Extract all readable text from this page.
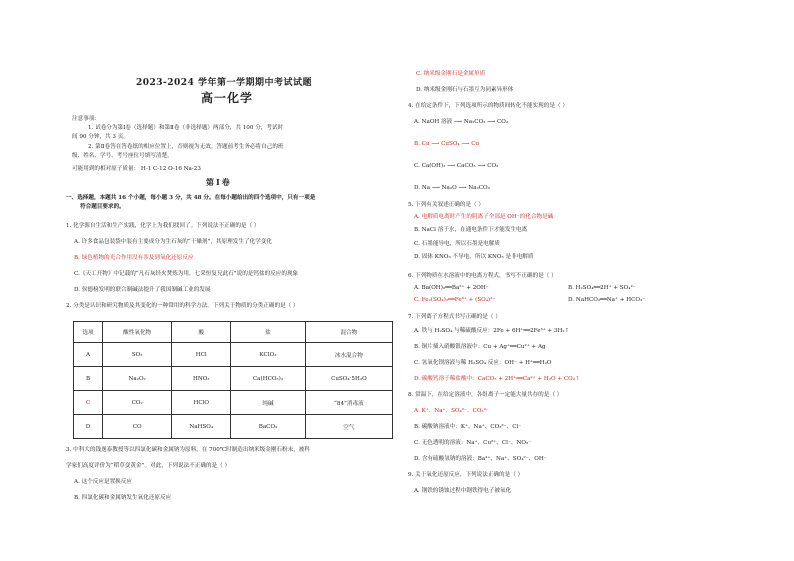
2023-2024 学年第一学期期中考试试题
高一化学
注意事项：
1. 试卷分为第Ⅰ卷（选择题）和第Ⅱ卷（非选择题）两部分，共 100 分，考试时
间 90 分钟，共 3 页。
2. 第Ⅱ卷答在答卷纸的相应位置上，否则视为无效。答题前考生务必将自己的班
级、姓名、学号、考号座位号填写清楚。
可能用到的相对原子质量： H-1 C-12 O-16 Na-23
第Ⅰ卷
一、选择题，本题共 16 个小题，每小题 3 分，共 48 分。在每小题给出的四个选项中，只有一项是
符合题目要求的。
1. 化学源自生活和生产实践，化学上为我们找回了。下列说法不正确的是（ ）
A. 许多食品包装袋中装有主要成分为生石灰的“干燥剂”，其原理发生了化学变化
B. 绿色植物的光合作用没有涉及到氧化还原反应
C.《天工开物》中记载的“凡石灰经火焚炼为用，七采恒复兄此石”说的是钙盐的反应的现象
D. 侯德榜发明的联合制碱法提升了我国制碱工业的发展
2. 分类是认识和研究物质及其变化的一种常用的科学方法。下列关于物质的分类正确的是（ ）
选项	酸性氧化物	酸	盐	混合物
A	SO₃	HCl	KClO₃	冰水混合物
B	Na₂O₂	HNO₃	Ca(HCO₃)₂	CuSO₄·5H₂O
C	CO₂	HClO	纯碱	“84”消毒液
D	CO	NaHSO₄	BaCO₃	空气
3. 中科大的钱逸泰教授等以四氯化碳和金属钠为原料，在 700℃时制造出纳米级金刚石粉末，被科
学家们高度评价为“稻草变黄金”。对此，下列说法不正确的是（ ）
A. 这个反应是置换反应
B. 四氯化碳和金属钠发生氧化还原反应
C. 纳米级金刚石是金属单质
D. 纳米级金刚石与石墨互为同素异形体
4. 在给定条件下，下列选项所示的物质间转化不能实现的是（ ）
A. NaOH 溶液 ⟶ Na₂CO₃ ⟶ CO₂
B. Cu ⟶ CuSO₄ ⟶ Cu
C. Ca(OH)₂ ⟶ CaCO₃ ⟶ CO₂
D. Na ⟶ Na₂O ⟶ Na₂CO₃
5. 下列有关叙述正确的是（ ）
A. 电解质电离时产生的阴离子全部是 OH⁻的化合物是碱
B. NaCl 溶于水，在通电条件下才能发生电离
C. 石墨能导电，所以石墨是电解质
D. 固体 KNO₃ 不导电，所以 KNO₃ 是非电解质
6. 下列物质在水溶液中的电离方程式，书写不正确的是（ ）
A. Ba(OH)₂══Ba²⁺ + 2OH⁻	B. H₂SO₄══2H⁺ + SO₄²⁻
C. Fe₂(SO₄)₃══Fe³⁺ + (SO₄)²⁻	D. NaHCO₃══Na⁺ + HCO₃⁻
7. 下列离子方程式书写正确的是（ ）
A. 铁与 H₂SO₄ 与稀硫酸反应：2Fe + 6H⁺══2Fe³⁺ + 3H₂↑
B. 铜片插入硝酸银溶液中：Cu + Ag⁺══Cu²⁺ + Ag
C. 氢氧化钡溶液与稀 H₂SO₄ 反应：OH⁻ + H⁺══H₂O
D. 碳酸钙溶于稀盐酸中：CaCO₃ + 2H⁺══Ca²⁺ + H₂O + CO₂↑
8. 常温下，在给定溶液中，各组离子一定能大量共存的是（ ）
A. K⁺、Na⁺、SO₄²⁻、CO₃²⁻
B. 碳酸钠溶液中：K⁺、Na⁺、CO₃²⁻、Cl⁻
C. 无色透明的溶液：Na⁺、Cu²⁺、Cl⁻、NO₃⁻
D. 含有硫酸氢钠的溶液：Ba²⁺、Na⁺、SO₄²⁻、OH⁻
9. 关于氧化还原反应，下列说法正确的是（ ）
A. 钢铁的锈蚀过程中钢铁得电子被氧化
